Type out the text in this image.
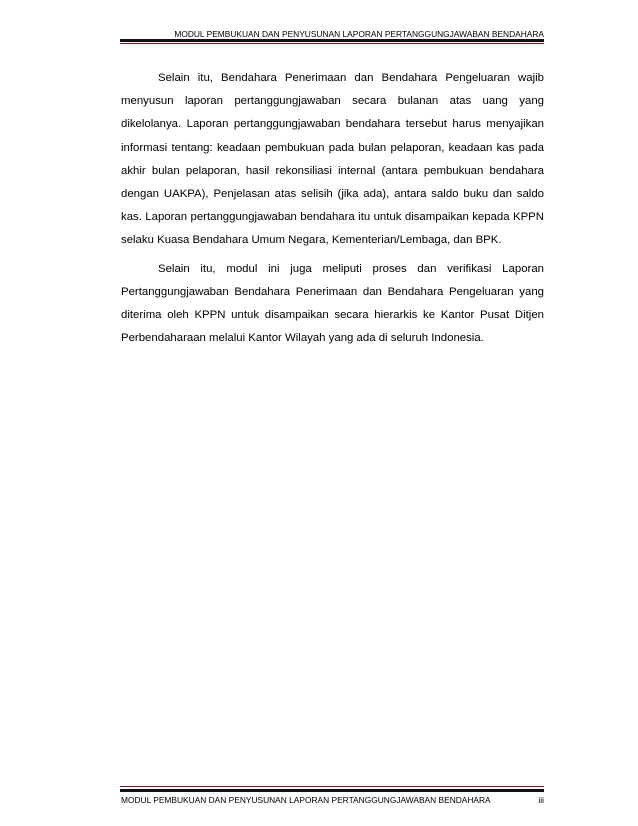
MODUL PEMBUKUAN DAN PENYUSUNAN LAPORAN PERTANGGUNGJAWABAN BENDAHARA

Selain itu, Bendahara Penerimaan dan Bendahara Pengeluaran wajib menyusun laporan pertanggungjawaban secara bulanan atas uang yang dikelolanya. Laporan pertanggungjawaban bendahara tersebut harus menyajikan informasi tentang: keadaan pembukuan pada bulan pelaporan, keadaan kas pada akhir bulan pelaporan, hasil rekonsiliasi internal (antara pembukuan bendahara dengan UAKPA), Penjelasan atas selisih (jika ada), antara saldo buku dan saldo kas. Laporan pertanggungjawaban bendahara itu untuk disampaikan kepada KPPN selaku Kuasa Bendahara Umum Negara, Kementerian/Lembaga, dan BPK.

Selain itu, modul ini juga meliputi proses dan verifikasi Laporan Pertanggungjawaban Bendahara Penerimaan dan Bendahara Pengeluaran yang diterima oleh KPPN untuk disampaikan secara hierarkis ke Kantor Pusat Ditjen Perbendaharaan melalui Kantor Wilayah yang ada di seluruh Indonesia.

MODUL PEMBUKUAN DAN PENYUSUNAN LAPORAN PERTANGGUNGJAWABAN BENDAHARA	iii
